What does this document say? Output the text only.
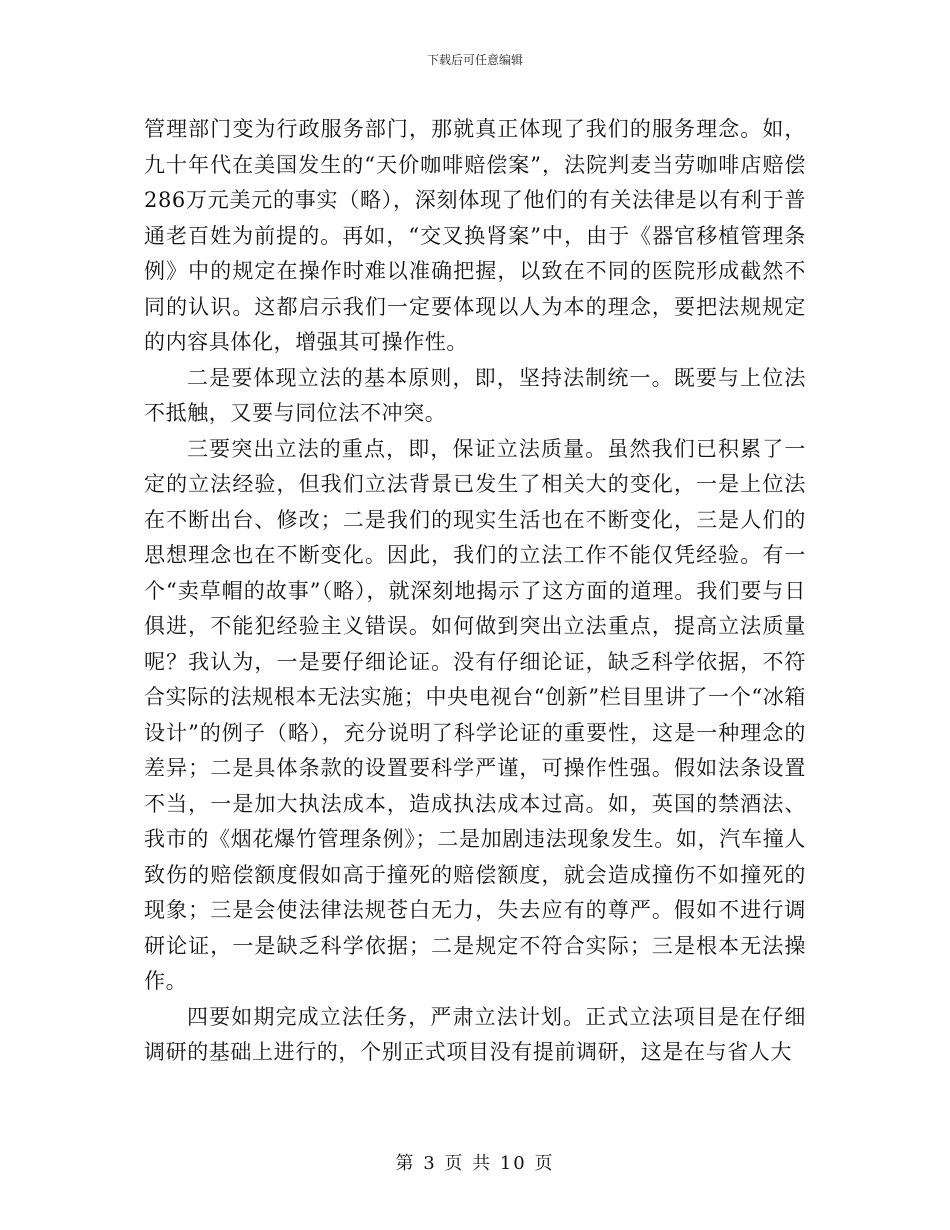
下载后可任意编辑

管理部门变为行政服务部门，那就真正体现了我们的服务理念。如，九十年代在美国发生的“天价咖啡赔偿案”，法院判麦当劳咖啡店赔偿286万元美元的事实（略），深刻体现了他们的有关法律是以有利于普通老百姓为前提的。再如，“交叉换肾案”中，由于《器官移植管理条例》中的规定在操作时难以准确把握，以致在不同的医院形成截然不同的认识。这都启示我们一定要体现以人为本的理念，要把法规规定的内容具体化，增强其可操作性。

二是要体现立法的基本原则，即，坚持法制统一。既要与上位法不抵触，又要与同位法不冲突。

三要突出立法的重点，即，保证立法质量。虽然我们已积累了一定的立法经验，但我们立法背景已发生了相关大的变化，一是上位法在不断出台、修改；二是我们的现实生活也在不断变化，三是人们的思想理念也在不断变化。因此，我们的立法工作不能仅凭经验。有一个“卖草帽的故事”（略），就深刻地揭示了这方面的道理。我们要与日俱进，不能犯经验主义错误。如何做到突出立法重点，提高立法质量呢？我认为，一是要仔细论证。没有仔细论证，缺乏科学依据，不符合实际的法规根本无法实施；中央电视台“创新”栏目里讲了一个“冰箱设计”的例子（略），充分说明了科学论证的重要性，这是一种理念的差异；二是具体条款的设置要科学严谨，可操作性强。假如法条设置不当，一是加大执法成本，造成执法成本过高。如，英国的禁酒法、我市的《烟花爆竹管理条例》；二是加剧违法现象发生。如，汽车撞人致伤的赔偿额度假如高于撞死的赔偿额度，就会造成撞伤不如撞死的现象；三是会使法律法规苍白无力，失去应有的尊严。假如不进行调研论证，一是缺乏科学依据；二是规定不符合实际；三是根本无法操作。

四要如期完成立法任务，严肃立法计划。正式立法项目是在仔细调研的基础上进行的，个别正式项目没有提前调研，这是在与省人大

第 3 页 共 10 页
